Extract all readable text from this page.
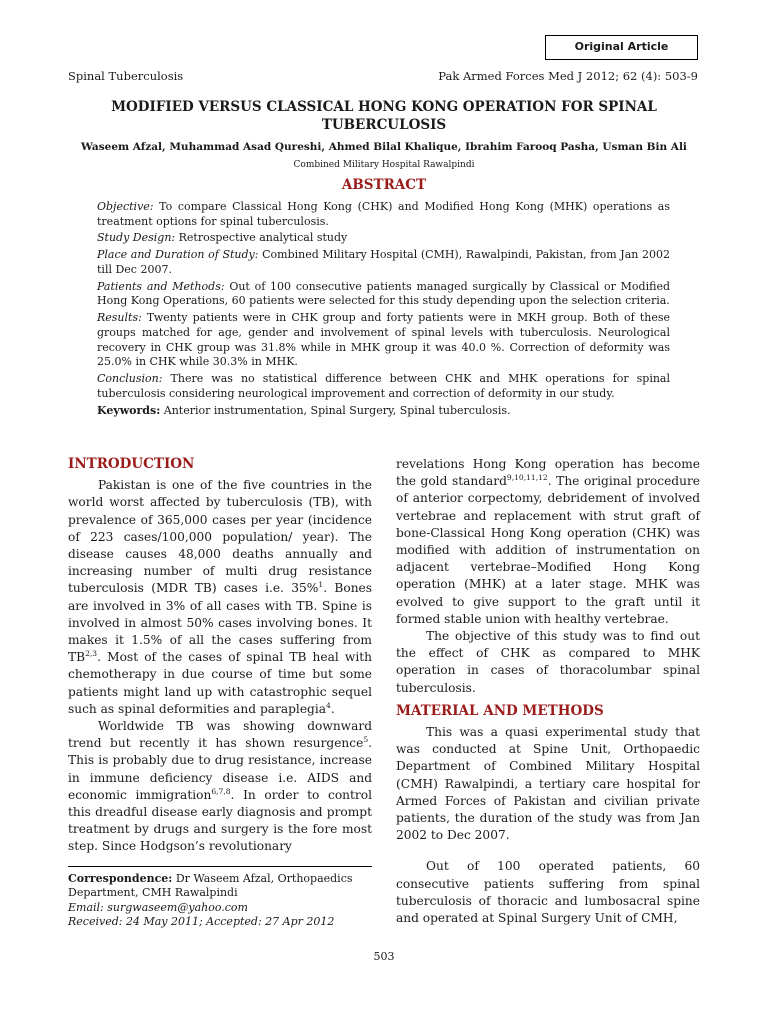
Original Article
Spinal Tuberculosis	Pak Armed Forces Med J 2012; 62 (4): 503-9
MODIFIED VERSUS CLASSICAL HONG KONG OPERATION FOR SPINAL TUBERCULOSIS

Waseem Afzal, Muhammad Asad Qureshi, Ahmed Bilal Khalique, Ibrahim Farooq Pasha, Usman Bin Ali

Combined Military Hospital Rawalpindi

ABSTRACT

Objective: To compare Classical Hong Kong (CHK) and Modified Hong Kong (MHK) operations as treatment options for spinal tuberculosis.

Study Design: Retrospective analytical study

Place and Duration of Study: Combined Military Hospital (CMH), Rawalpindi, Pakistan, from Jan 2002 till Dec 2007.

Patients and Methods: Out of 100 consecutive patients managed surgically by Classical or Modified Hong Kong Operations, 60 patients were selected for this study depending upon the selection criteria.

Results: Twenty patients were in CHK group and forty patients were in MKH group. Both of these groups matched for age, gender and involvement of spinal levels with tuberculosis. Neurological recovery in CHK group was 31.8% while in MHK group it was 40.0 %. Correction of deformity was 25.0% in CHK while 30.3% in MHK.

Conclusion: There was no statistical difference between CHK and MHK operations for spinal tuberculosis considering neurological improvement and correction of deformity in our study.

Keywords: Anterior instrumentation, Spinal Surgery, Spinal tuberculosis.

INTRODUCTION

Pakistan is one of the five countries in the world worst affected by tuberculosis (TB), with prevalence of 365,000 cases per year (incidence of 223 cases/100,000 population/ year). The disease causes 48,000 deaths annually and increasing number of multi drug resistance tuberculosis (MDR TB) cases i.e. 35%$^1$. Bones are involved in 3% of all cases with TB. Spine is involved in almost 50% cases involving bones. It makes it 1.5% of all the cases suffering from TB$^{2,3}$. Most of the cases of spinal TB heal with chemotherapy in due course of time but some patients might land up with catastrophic sequel such as spinal deformities and paraplegia$^4$.

Worldwide TB was showing downward trend but recently it has shown resurgence$^5$. This is probably due to drug resistance, increase in immune deficiency disease i.e. AIDS and economic immigration$^{6,7,8}$. In order to control this dreadful disease early diagnosis and prompt treatment by drugs and surgery is the fore most step. Since Hodgson’s revolutionary

Correspondence: Dr Waseem Afzal, Orthopaedics Department, CMH Rawalpindi

Email: surgwaseem@yahoo.com

Received: 24 May 2011; Accepted: 27 Apr 2012

revelations Hong Kong operation has become the gold standard$^{9,10,11,12}$. The original procedure of anterior corpectomy, debridement of involved vertebrae and replacement with strut graft of bone-Classical Hong Kong operation (CHK) was modified with addition of instrumentation on adjacent vertebrae–Modified Hong Kong operation (MHK) at a later stage. MHK was evolved to give support to the graft until it formed stable union with healthy vertebrae.

The objective of this study was to find out the effect of CHK as compared to MHK operation in cases of thoracolumbar spinal tuberculosis.

MATERIAL AND METHODS

This was a quasi experimental study that was conducted at Spine Unit, Orthopaedic Department of Combined Military Hospital (CMH) Rawalpindi, a tertiary care hospital for Armed Forces of Pakistan and civilian private patients, the duration of the study was from Jan 2002 to Dec 2007.

Out of 100 operated patients, 60 consecutive patients suffering from spinal tuberculosis of thoracic and lumbosacral spine and operated at Spinal Surgery Unit of CMH,

503
